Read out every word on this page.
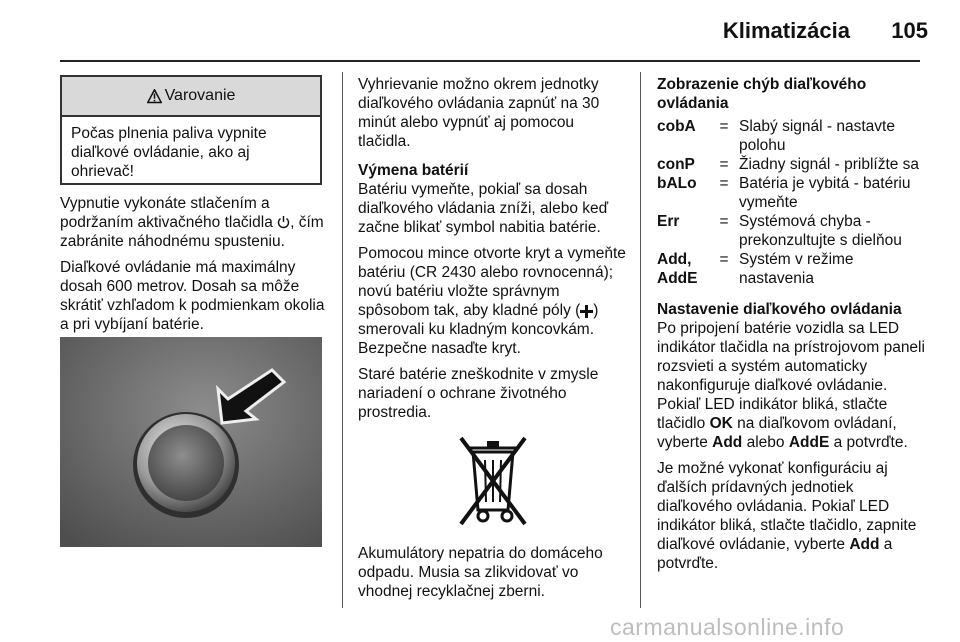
Klimatizácia	105
Varovanie

Počas plnenia paliva vypnite diaľkové ovládanie, ako aj ohrievač!

Vypnutie vykonáte stlačením a podržaním aktivačného tlačidla , čím zabránite náhodnému spusteniu.

Diaľkové ovládanie má maximálny dosah 600 metrov. Dosah sa môže skrátiť vzhľadom k podmienkam okolia a pri vybíjaní batérie.

Vyhrievanie možno okrem jednotky diaľkového ovládania zapnúť na 30 minút alebo vypnúť aj pomocou tlačidla.

Výmena batérií

Batériu vymeňte, pokiaľ sa dosah diaľkového vládania zníži, alebo keď začne blikať symbol nabitia batérie.

Pomocou mince otvorte kryt a vymeňte batériu (CR 2430 alebo rovnocenná); novú batériu vložte správnym spôsobom tak, aby kladné póly ( ) smerovali ku kladným koncovkám. Bezpečne nasaďte kryt.

Staré batérie zneškodnite v zmysle nariadení o ochrane životného prostredia.

Akumulátory nepatria do domáceho odpadu. Musia sa zlikvidovať vo vhodnej recyklačnej zberni.

Zobrazenie chýb diaľkového ovládania

cobA	=	Slabý signál - nastavte polohu
conP	=	Žiadny signál - priblížte sa
bALo	=	Batéria je vybitá - batériu vymeňte
Err	=	Systémová chyba - prekonzultujte s dielňou
Add, AddE	=	Systém v režime nastavenia

Nastavenie diaľkového ovládania

Po pripojení batérie vozidla sa LED indikátor tlačidla na prístrojovom paneli rozsvieti a systém automaticky nakonfiguruje diaľkové ovládanie.

Pokiaľ LED indikátor bliká, stlačte tlačidlo OK na diaľkovom ovládaní, vyberte Add alebo AddE a potvrďte.

Je možné vykonať konfiguráciu aj ďalších prídavných jednotiek diaľkového ovládania. Pokiaľ LED indikátor bliká, stlačte tlačidlo, zapnite diaľkové ovládanie, vyberte Add a potvrďte.

carmanualsonline.info
